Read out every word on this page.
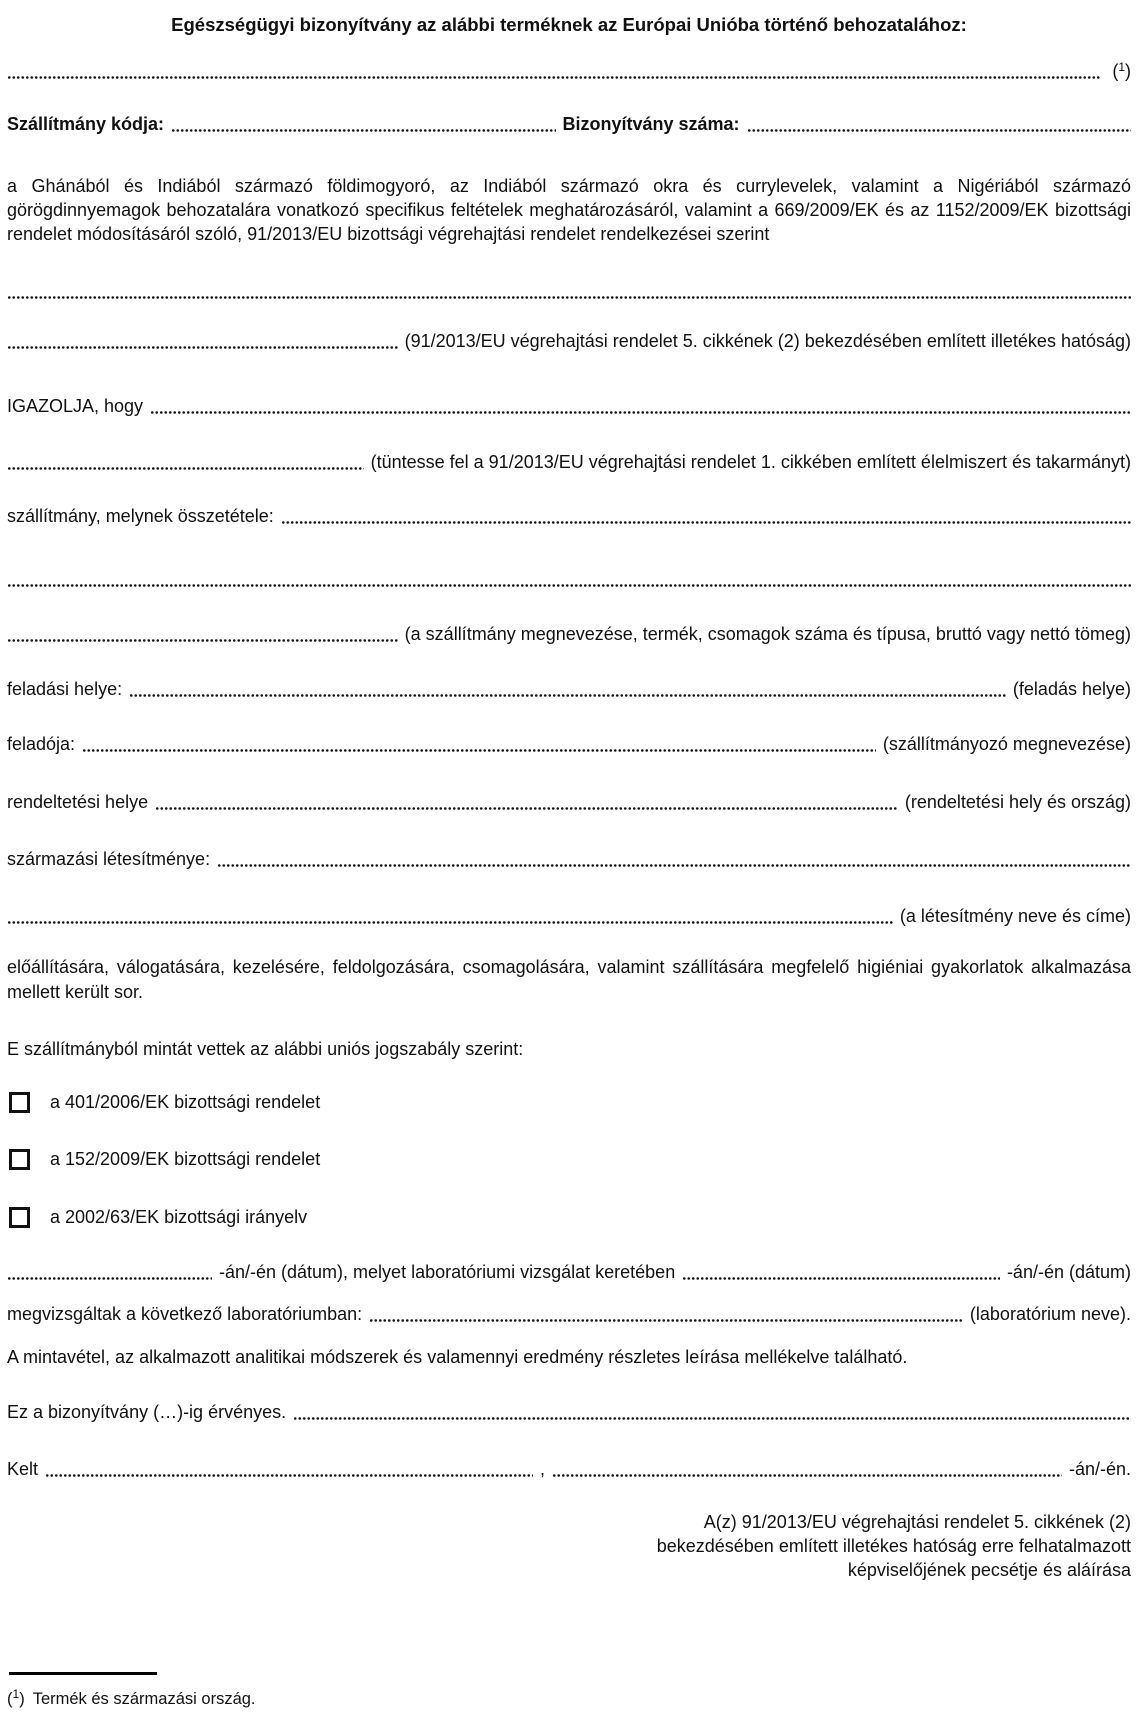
Egészségügyi bizonyítvány az alábbi terméknek az Európai Unióba történő behozatalához:
( $^1$ )
Szállítmány kódja:	Bizonyítvány száma:

a Ghánából és Indiából származó földimogyoró, az Indiából származó okra és currylevelek, valamint a Nigériából származó görögdinnyemagok behozatalára vonatkozó specifikus feltételek meghatározásáról, valamint a 669/2009/EK és az 1152/2009/EK bizottsági rendelet módosításáról szóló, 91/2013/EU bizottsági végrehajtási rendelet rendelkezései szerint

(91/2013/EU végrehajtási rendelet 5. cikkének (2) bekezdésében említett illetékes hatóság)
IGAZOLJA, hogy
(tüntesse fel a 91/2013/EU végrehajtási rendelet 1. cikkében említett élelmiszert és takarmányt)
szállítmány, melynek összetétele:
(a szállítmány megnevezése, termék, csomagok száma és típusa, bruttó vagy nettó tömeg)
feladási helye:	(feladás helye)
feladója:	(szállítmányozó megnevezése)
rendeltetési helye	(rendeltetési hely és ország)
származási létesítménye:
(a létesítmény neve és címe)

előállítására, válogatására, kezelésére, feldolgozására, csomagolására, valamint szállítására megfelelő higiéniai gyakorlatok alkalmazása mellett került sor.

E szállítmányból mintát vettek az alábbi uniós jogszabály szerint:
a 401/2006/EK bizottsági rendelet
a 152/2009/EK bizottsági rendelet
a 2002/63/EK bizottsági irányelv
-án/-én (dátum), melyet laboratóriumi vizsgálat keretében	-án/-én (dátum)
megvizsgáltak a következő laboratóriumban:	(laboratórium neve).
A mintavétel, az alkalmazott analitikai módszerek és valamennyi eredmény részletes leírása mellékelve található.
Ez a bizonyítvány (…)-ig érvényes.
Kelt	,	-án/-én.
A(z) 91/2013/EU végrehajtási rendelet 5. cikkének (2)
bekezdésében említett illetékes hatóság erre felhatalmazott
képviselőjének pecsétje és aláírása
( $^1$ ) Termék és származási ország.
